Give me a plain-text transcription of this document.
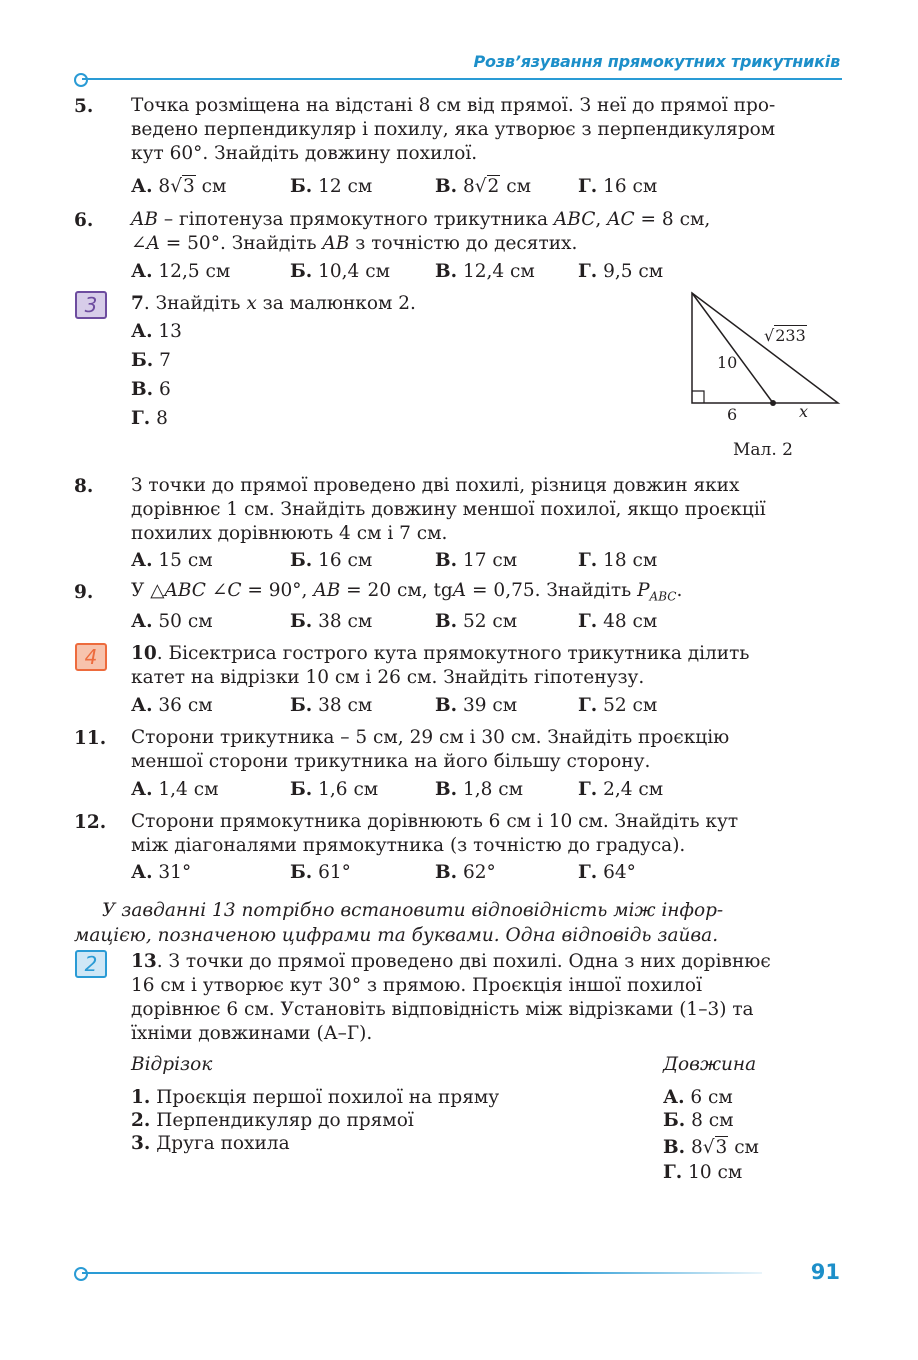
Розв’язування прямокутних трикутників
5. Точка розміщена на відстані 8 см від прямої. З неї до прямої про-
ведено перпендикуляр і похилу, яка утворює з перпендикуляром
кут 60°. Знайдіть довжину похилої.
А. 8√3 см	Б. 12 см	В. 8√2 см	Г. 16 см
6. AB – гіпотенуза прямокутного трикутника ABC, AC = 8 см,
∠A = 50°. Знайдіть AB з точністю до десятих.
А. 12,5 см	Б. 10,4 см В. 12,4 см Г. 9,5 см
3	7. Знайдіть x за малюнком 2.
А. 13
Б. 7
В. 6
Г. 8
√233
10
6	x
Мал. 2
8. З точки до прямої проведено дві похилі, різниця довжин яких
дорівнює 1 см. Знайдіть довжину меншої похилої, якщо проєкції
похилих дорівнюють 4 см і 7 см.
А. 15 см	Б. 16 см	В. 17 см	Г. 18 см
9. У △ABC ∠C = 90°, AB = 20 см, tgA = 0,75. Знайдіть $P_{ABC}$.
А. 50 см	Б. 38 см	В. 52 см	Г. 48 см
4	10. Бісектриса гострого кута прямокутного трикутника ділить
катет на відрізки 10 см і 26 см. Знайдіть гіпотенузу.
А. 36 см	Б. 38 см	В. 39 см	Г. 52 см
11. Сторони трикутника – 5 см, 29 см і 30 см. Знайдіть проєкцію
меншої сторони трикутника на його більшу сторону.
А. 1,4 см	Б. 1,6 см	В. 1,8 см	Г. 2,4 см
12. Сторони прямокутника дорівнюють 6 см і 10 см. Знайдіть кут
між діагоналями прямокутника (з точністю до градуса).
А. 31°	Б. 61°	В. 62°	Г. 64°
У завданні 13 потрібно встановити відповідність між інфор-
мацією, позначеною цифрами та буквами. Одна відповідь зайва.
2	13. З точки до прямої проведено дві похилі. Одна з них дорівнює
16 см і утворює кут 30° з прямою. Проєкція іншої похилої
дорівнює 6 см. Установіть відповідність між відрізками (1–3) та
їхніми довжинами (А–Г).
Відрізок	Довжина
1. Проєкція першої похилої на пряму
2. Перпендикуляр до прямої
3. Друга похила
А. 6 см
Б. 8 см
В. 8√3 см
Г. 10 см
91
